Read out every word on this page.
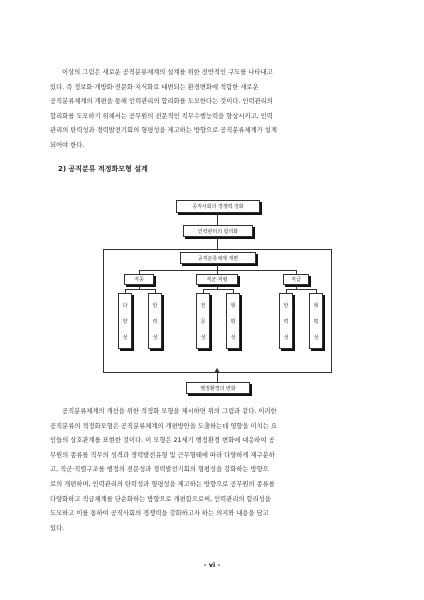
이상의 그림은 새로운 공직분류체계의 설계를 위한 전반적인 구도를 나타내고

있다. 즉 정보화·개방화·전문화·지식화로 대변되는 환경변화에 적합한 새로운

공직분류체계의 개편을 통해 인력관리의 합리화를 도모한다는 것이다. 인력관리의

합리화를 도모하기 위해서는 공무원의 전문적인 직무수행능력을 향상시키고, 인력

관리의 탄력성과 경력발전기회의 형평성을 제고하는 방향으로 공직분류체계가 설계

되어야 한다.

2) 공직분류 적정화모형 설계
공직사회의 경쟁력 강화
인력관리의 합리화
공직분류체계 개편
직종	직군·직렬	직급
다
양
성
탄
력
성
전
문
성
형
평
성
탄
력
성
형
평
성
행정환경의 변화

공직분류체계의 개선을 위한 적정화 모형을 제시하면 위의 그림과 같다. 이러한

공직분류의 적정화모형은 공직분류체계의 개편방안을 도출하는데 영향을 미치는 요

인들의 상호관계를 표현한 것이다. 이 모형은 21세기 행정환경 변화에 대응하여 공

무원의 종류를 직무의 성격과 경력발전유형 및 근무형태에 따라 다양하게 재구분하

고, 직군·직렬구조를 행정의 전문성과 경력발전기회의 형평성을 강화하는 방향으

로의 개편하며, 인력관리의 탄력성과 형평성을 제고하는 방향으로 공무원의 종류를

다양화하고 직급체계를 단순화하는 방향으로 개편함으로써, 인력관리의 합리성을

도모하고 이를 통하여 공직사회의 경쟁력을 강화하고자 하는 의지와 내용을 담고

있다.

- vi -
